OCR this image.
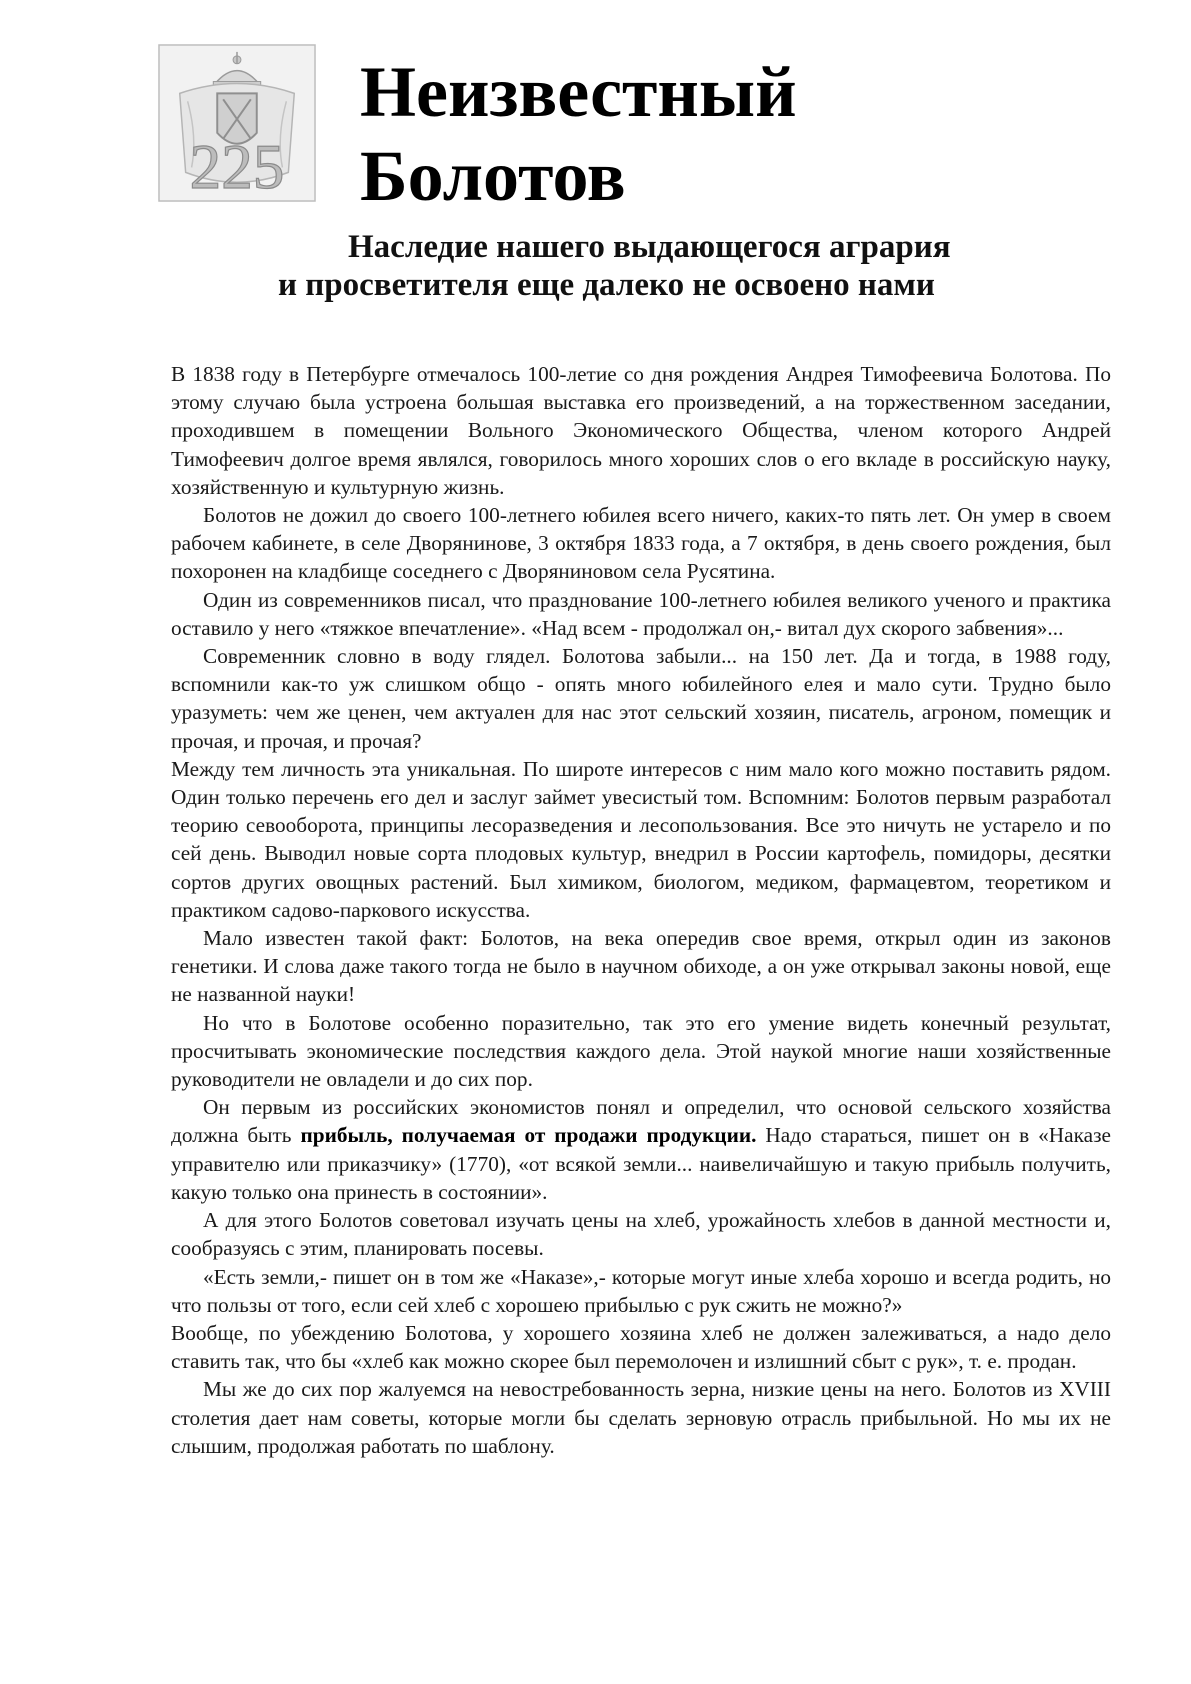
225
Неизвестный
Болотов
Наследие нашего выдающегося агрария
и просветителя еще далеко не освоено нами

В 1838 году в Петербурге отмечалось 100-летие со дня рождения Андрея Тимофеевича Болотова. По этому случаю была устроена большая выставка его произведений, а на торжественном заседании, проходившем в помещении Вольного Экономического Общества, членом которого Андрей Тимофеевич долгое время являлся, говорилось много хороших слов о его вкладе в российскую науку, хозяйственную и культурную жизнь.

Болотов не дожил до своего 100-летнего юбилея всего ничего, каких-то пять лет. Он умер в своем рабочем кабинете, в селе Дворянинове, 3 октября 1833 года, а 7 октября, в день своего рождения, был похоронен на кладбище соседнего с Дворяниновом села Русятина.

Один из современников писал, что празднование 100-летнего юбилея великого ученого и практика оставило у него «тяжкое впечатление». «Над всем - продолжал он,- витал дух скорого забвения»...

Современник словно в воду глядел. Болотова забыли... на 150 лет. Да и тогда, в 1988 году, вспомнили как-то уж слишком общо - опять много юбилейного елея и мало сути. Трудно было уразуметь: чем же ценен, чем актуален для нас этот сельский хозяин, писатель, агроном, помещик и прочая, и прочая, и прочая?

Между тем личность эта уникальная. По широте интересов с ним мало кого можно поставить рядом. Один только перечень его дел и заслуг займет увесистый том. Вспомним: Болотов первым разработал теорию севооборота, принципы лесоразведения и лесопользования. Все это ничуть не устарело и по сей день. Выводил новые сорта плодовых культур, внедрил в России картофель, помидоры, десятки сортов других овощных растений. Был химиком, биологом, медиком, фармацевтом, теоретиком и практиком садово-паркового искусства.

Мало известен такой факт: Болотов, на века опередив свое время, открыл один из законов генетики. И слова даже такого тогда не было в научном обиходе, а он уже открывал законы новой, еще не названной науки!

Но что в Болотове особенно поразительно, так это его умение видеть конечный результат, просчитывать экономические последствия каждого дела. Этой наукой многие наши хозяйственные руководители не овладели и до сих пор.

Он первым из российских экономистов понял и определил, что основой сельского хозяйства должна быть прибыль, получаемая от продажи продукции. Надо стараться, пишет он в «Наказе управителю или приказчику» (1770), «от всякой земли... наивеличайшую и такую прибыль получить, какую только она принесть в состоянии».

А для этого Болотов советовал изучать цены на хлеб, урожайность хлебов в данной местности и, сообразуясь с этим, планировать посевы.

«Есть земли,- пишет он в том же «Наказе»,- которые могут иные хлеба хорошо и всегда родить, но что пользы от того, если сей хлеб с хорошею прибылью с рук сжить не можно?»

Вообще, по убеждению Болотова, у хорошего хозяина хлеб не должен залеживаться, а надо дело ставить так, что бы «хлеб как можно скорее был перемолочен и излишний сбыт с рук», т. е. продан.

Мы же до сих пор жалуемся на невостребованность зерна, низкие цены на него. Болотов из XVIII столетия дает нам советы, которые могли бы сделать зерновую отрасль прибыльной. Но мы их не слышим, продолжая работать по шаблону.
